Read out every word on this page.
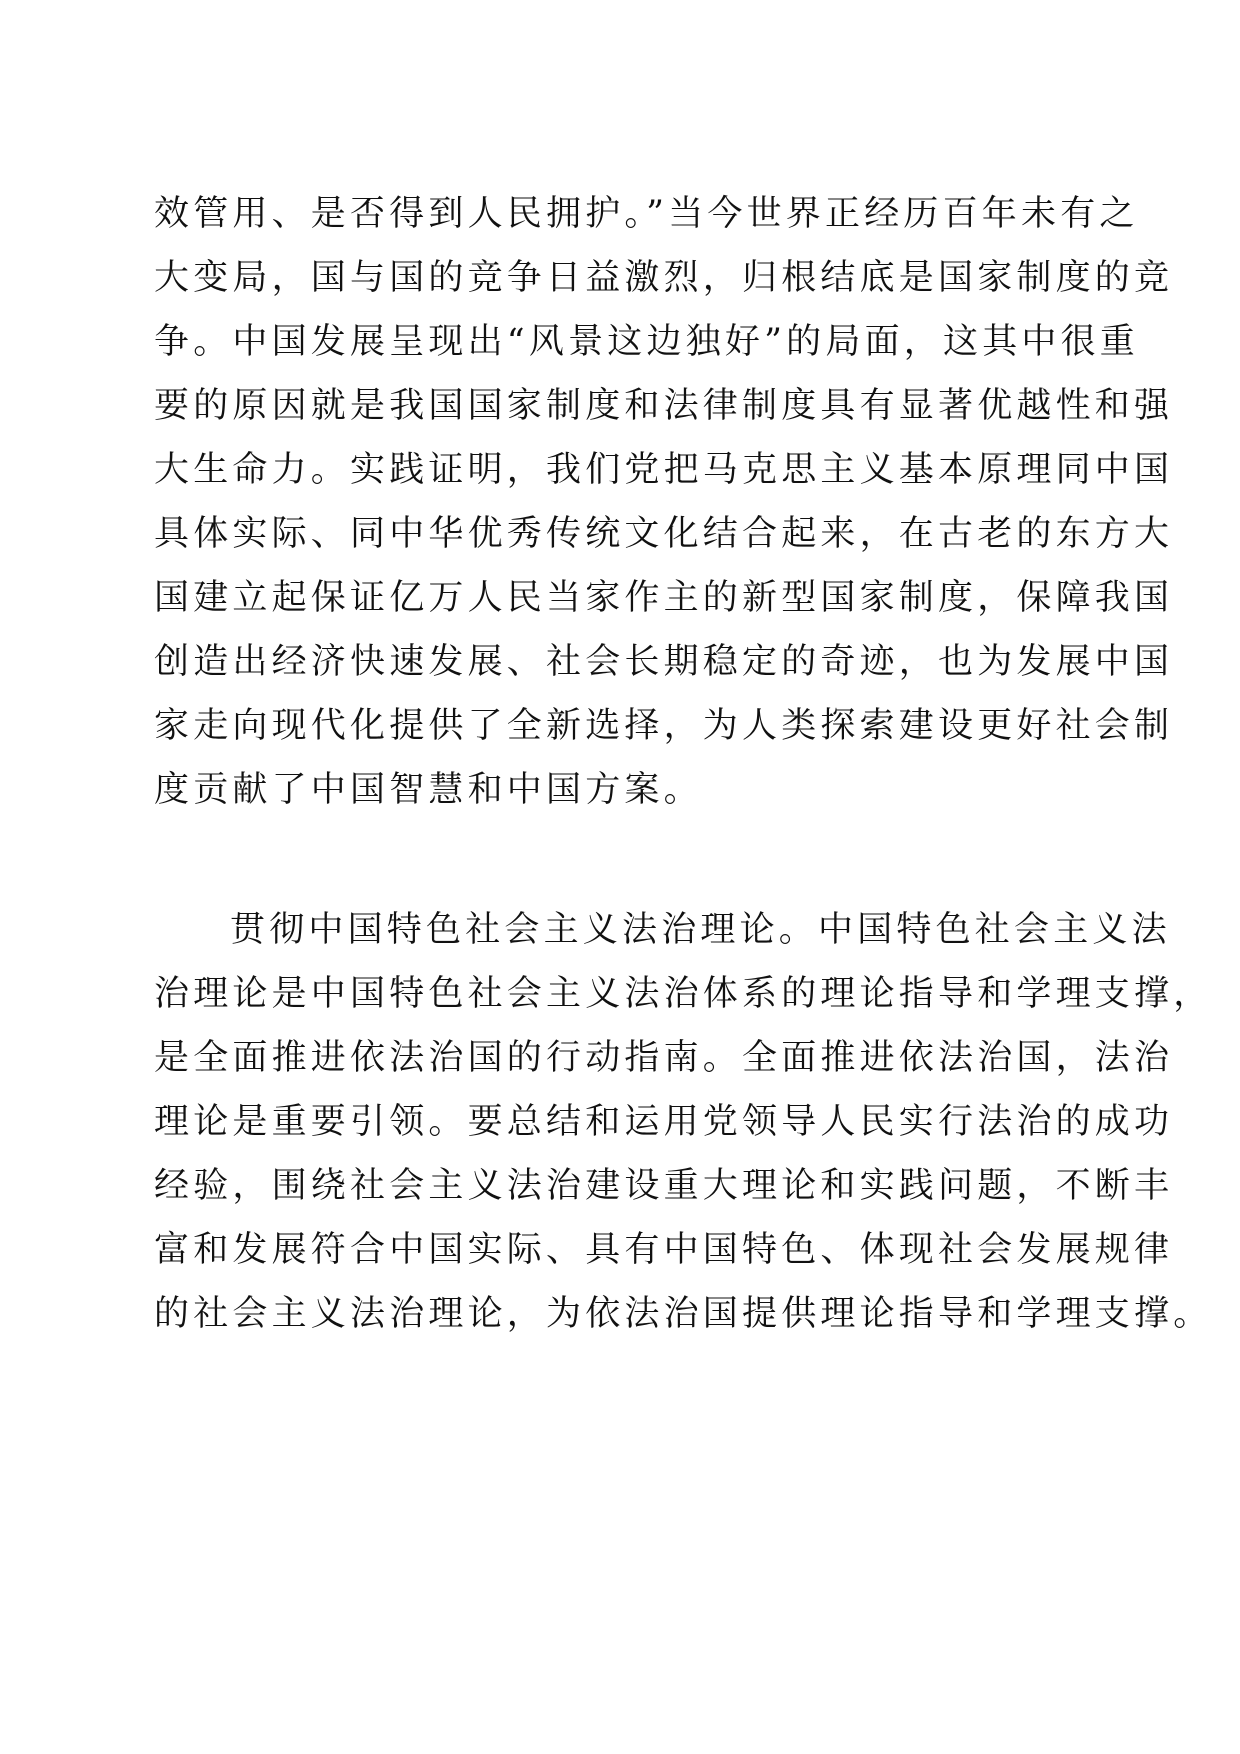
效管用、是否得到人民拥护。”当今世界正经历百年未有之
大变局，国与国的竞争日益激烈，归根结底是国家制度的竞
争。中国发展呈现出“风景这边独好”的局面，这其中很重
要的原因就是我国国家制度和法律制度具有显著优越性和强
大生命力。实践证明，我们党把马克思主义基本原理同中国
具体实际、同中华优秀传统文化结合起来，在古老的东方大
国建立起保证亿万人民当家作主的新型国家制度，保障我国
创造出经济快速发展、社会长期稳定的奇迹，也为发展中国
家走向现代化提供了全新选择，为人类探索建设更好社会制
度贡献了中国智慧和中国方案。
贯彻中国特色社会主义法治理论。中国特色社会主义法
治理论是中国特色社会主义法治体系的理论指导和学理支撑，
是全面推进依法治国的行动指南。全面推进依法治国，法治
理论是重要引领。要总结和运用党领导人民实行法治的成功
经验，围绕社会主义法治建设重大理论和实践问题，不断丰
富和发展符合中国实际、具有中国特色、体现社会发展规律
的社会主义法治理论，为依法治国提供理论指导和学理支撑。
